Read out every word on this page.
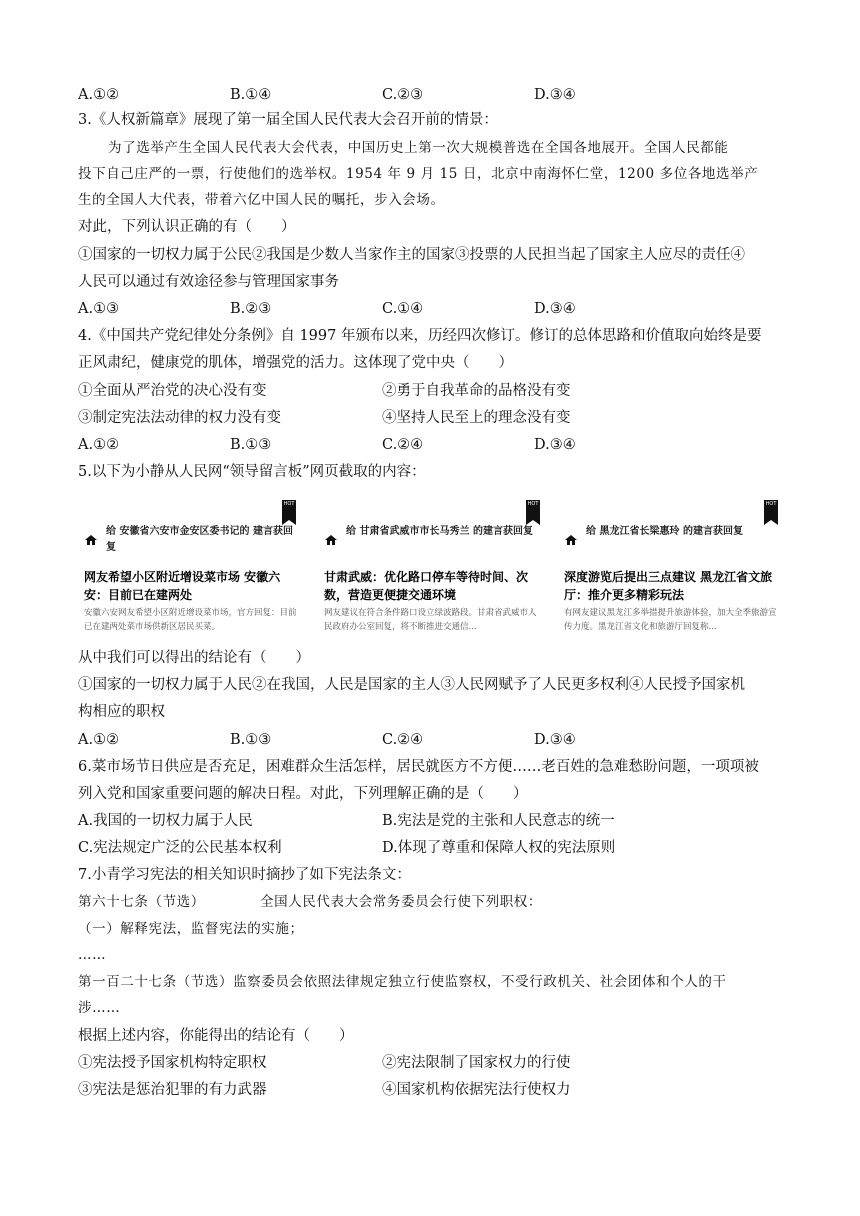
A.①②	B.①④	C.②③	D.③④
3.《人权新篇章》展现了第一届全国人民代表大会召开前的情景：
为了选举产生全国人民代表大会代表，中国历史上第一次大规模普选在全国各地展开。全国人民都能
投下自己庄严的一票，行使他们的选举权。1954 年 9 月 15 日，北京中南海怀仁堂，1200 多位各地选举产
生的全国人大代表，带着六亿中国人民的嘱托，步入会场。
对此，下列认识正确的有（　　）
①国家的一切权力属于公民②我国是少数人当家作主的国家③投票的人民担当起了国家主人应尽的责任④
人民可以通过有效途径参与管理国家事务
A.①③	B.②③	C.①④	D.③④
4.《中国共产党纪律处分条例》自 1997 年颁布以来，历经四次修订。修订的总体思路和价值取向始终是要
正风肃纪，健康党的肌体，增强党的活力。这体现了党中央（　　）
①全面从严治党的决心没有变	②勇于自我革命的品格没有变
③制定宪法法动律的权力没有变	④坚持人民至上的理念没有变
A.①②	B.①③	C.②④	D.③④
5.以下为小静从人民网“领导留言板”网页截取的内容：
HOT
给 安徽省六安市金安区委书记的 建言获回复
网友希望小区附近增设菜市场 安徽六安：目前已在建两处
安徽六安网友希望小区附近增设菜市场，官方回复：目前已在建两处菜市场供新区居民买菜。
HOT
给 甘肃省武威市市长马秀兰 的建言获回复
甘肃武威：优化路口停车等待时间、次数，营造更便捷交通环境
网友建议在符合条件路口设立绿波路段。甘肃省武威市人民政府办公室回复，将不断推进交通信...
HOT
给 黑龙江省长梁惠玲 的建言获回复
深度游览后提出三点建议 黑龙江省文旅厅：推介更多精彩玩法
有网友建议黑龙江多举措提升旅游体验，加大全季旅游宣传力度。黑龙江省文化和旅游厅回复称...
从中我们可以得出的结论有（　　）
①国家的一切权力属于人民②在我国，人民是国家的主人③人民网赋予了人民更多权利④人民授予国家机
构相应的职权
A.①②	B.①③	C.②④	D.③④
6.菜市场节日供应是否充足，困难群众生活怎样，居民就医方不方便……老百姓的急难愁盼问题，一项项被
列入党和国家重要问题的解决日程。对此，下列理解正确的是（　　）
A.我国的一切权力属于人民	B.宪法是党的主张和人民意志的统一
C.宪法规定广泛的公民基本权利	D.体现了尊重和保障人权的宪法原则
7.小青学习宪法的相关知识时摘抄了如下宪法条文：
第六十七条（节选）	全国人民代表大会常务委员会行使下列职权：
（一）解释宪法，监督宪法的实施；
……
第一百二十七条（节选）监察委员会依照法律规定独立行使监察权，不受行政机关、社会团体和个人的干
涉……
根据上述内容，你能得出的结论有（　　）
①宪法授予国家机构特定职权	②宪法限制了国家权力的行使
③宪法是惩治犯罪的有力武器	④国家机构依据宪法行使权力
